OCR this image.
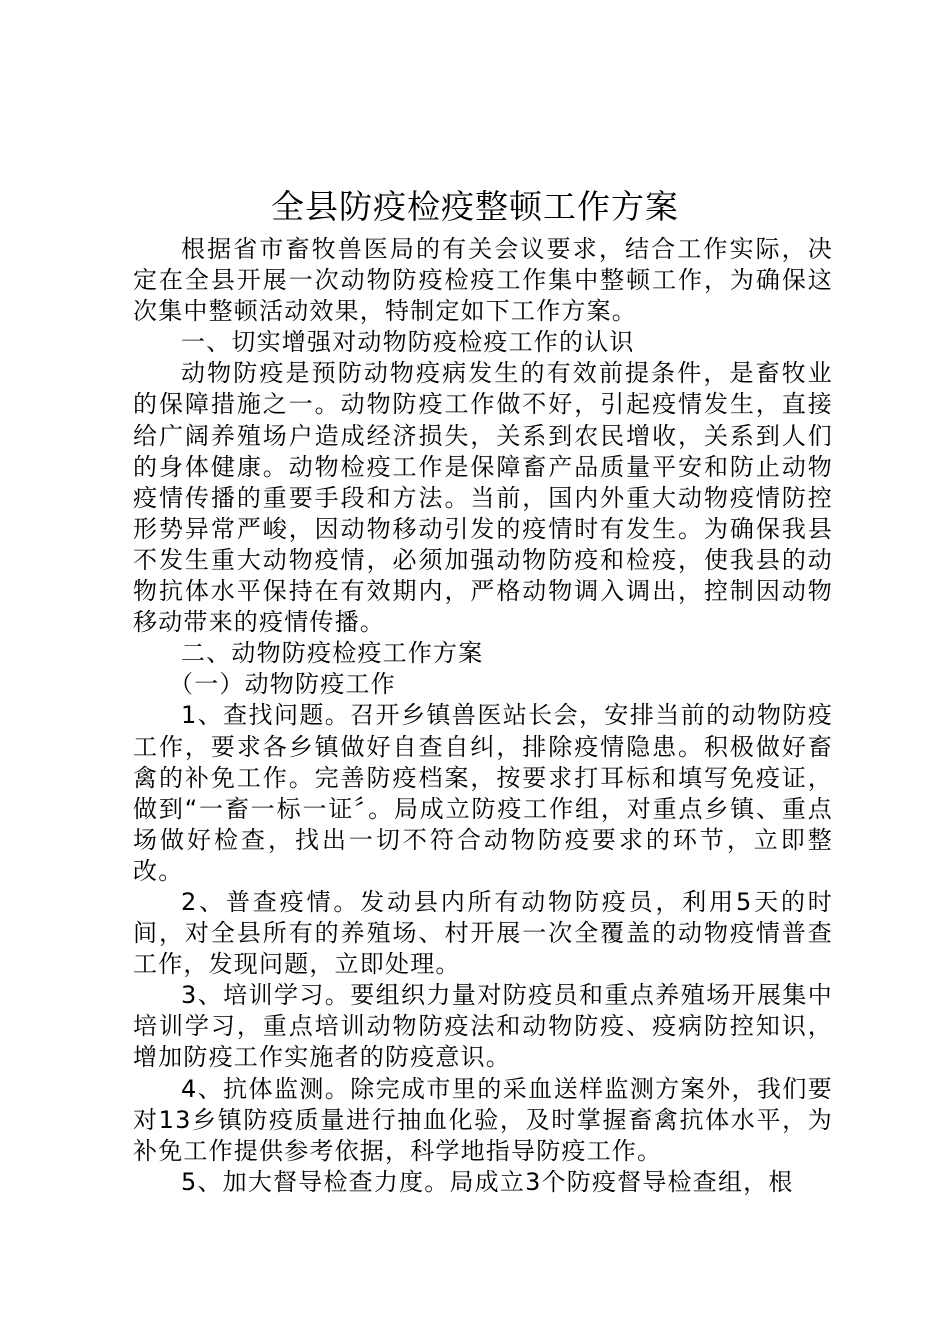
全县防疫检疫整顿工作方案

根据省市畜牧兽医局的有关会议要求，结合工作实际，决定在全县开展一次动物防疫检疫工作集中整顿工作，为确保这次集中整顿活动效果，特制定如下工作方案。

一、切实增强对动物防疫检疫工作的认识

动物防疫是预防动物疫病发生的有效前提条件，是畜牧业的保障措施之一。动物防疫工作做不好，引起疫情发生，直接给广阔养殖场户造成经济损失，关系到农民增收，关系到人们的身体健康。动物检疫工作是保障畜产品质量平安和防止动物疫情传播的重要手段和方法。当前，国内外重大动物疫情防控形势异常严峻，因动物移动引发的疫情时有发生。为确保我县不发生重大动物疫情，必须加强动物防疫和检疫，使我县的动物抗体水平保持在有效期内，严格动物调入调出，控制因动物移动带来的疫情传播。

二、动物防疫检疫工作方案

（一）动物防疫工作

1、查找问题。召开乡镇兽医站长会，安排当前的动物防疫工作，要求各乡镇做好自查自纠，排除疫情隐患。积极做好畜禽的补免工作。完善防疫档案，按要求打耳标和填写免疫证，做到“一畜一标一证〞。局成立防疫工作组，对重点乡镇、重点场做好检查，找出一切不符合动物防疫要求的环节，立即整改。

2、普查疫情。发动县内所有动物防疫员，利用5天的时间，对全县所有的养殖场、村开展一次全覆盖的动物疫情普查工作，发现问题，立即处理。

3、培训学习。要组织力量对防疫员和重点养殖场开展集中培训学习，重点培训动物防疫法和动物防疫、疫病防控知识，增加防疫工作实施者的防疫意识。

4、抗体监测。除完成市里的采血送样监测方案外，我们要对13乡镇防疫质量进行抽血化验，及时掌握畜禽抗体水平，为补免工作提供参考依据，科学地指导防疫工作。

5、加大督导检查力度。局成立3个防疫督导检查组，根
